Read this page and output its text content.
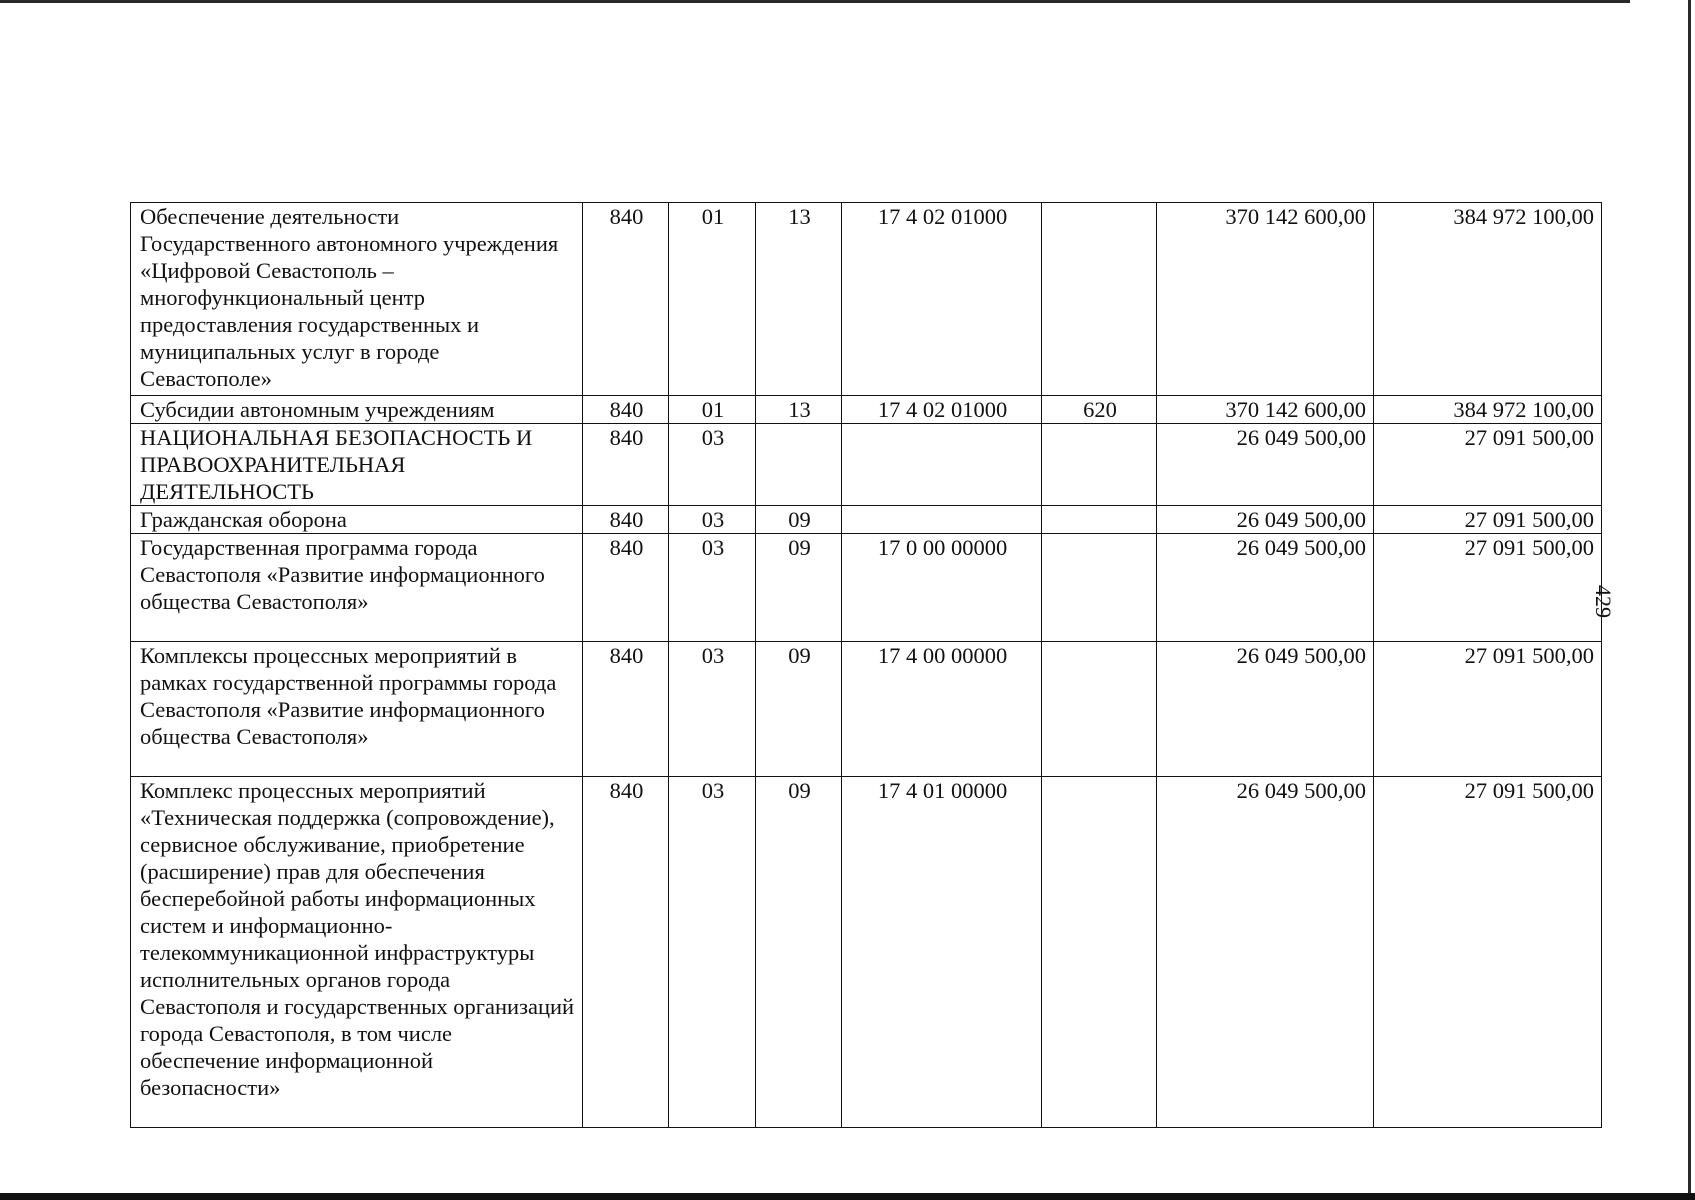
429
Обеспечение деятельности Государственного автономного учреждения «Цифровой Севастополь – многофункциональный центр предоставления государственных и муниципальных услуг в городе Севастополе»	840	01	13	17 4 02 01000		370 142 600,00	384 972 100,00
Субсидии автономным учреждениям	840	01	13	17 4 02 01000	620	370 142 600,00	384 972 100,00
НАЦИОНАЛЬНАЯ БЕЗОПАСНОСТЬ И ПРАВООХРАНИТЕЛЬНАЯ ДЕЯТЕЛЬНОСТЬ	840	03				26 049 500,00	27 091 500,00
Гражданская оборона	840	03	09			26 049 500,00	27 091 500,00
Государственная программа города Севастополя «Развитие информационного общества Севастополя»	840	03	09	17 0 00 00000		26 049 500,00	27 091 500,00
Комплексы процессных мероприятий в рамках государственной программы города Севастополя «Развитие информационного общества Севастополя»	840	03	09	17 4 00 00000		26 049 500,00	27 091 500,00
Комплекс процессных мероприятий «Техническая поддержка (сопровождение), сервисное обслуживание, приобретение (расширение) прав для обеспечения бесперебойной работы информационных систем и информационно-телекоммуникационной инфраструктуры исполнительных органов города Севастополя и государственных организаций города Севастополя, в том числе обеспечение информационной безопасности»	840	03	09	17 4 01 00000		26 049 500,00	27 091 500,00
